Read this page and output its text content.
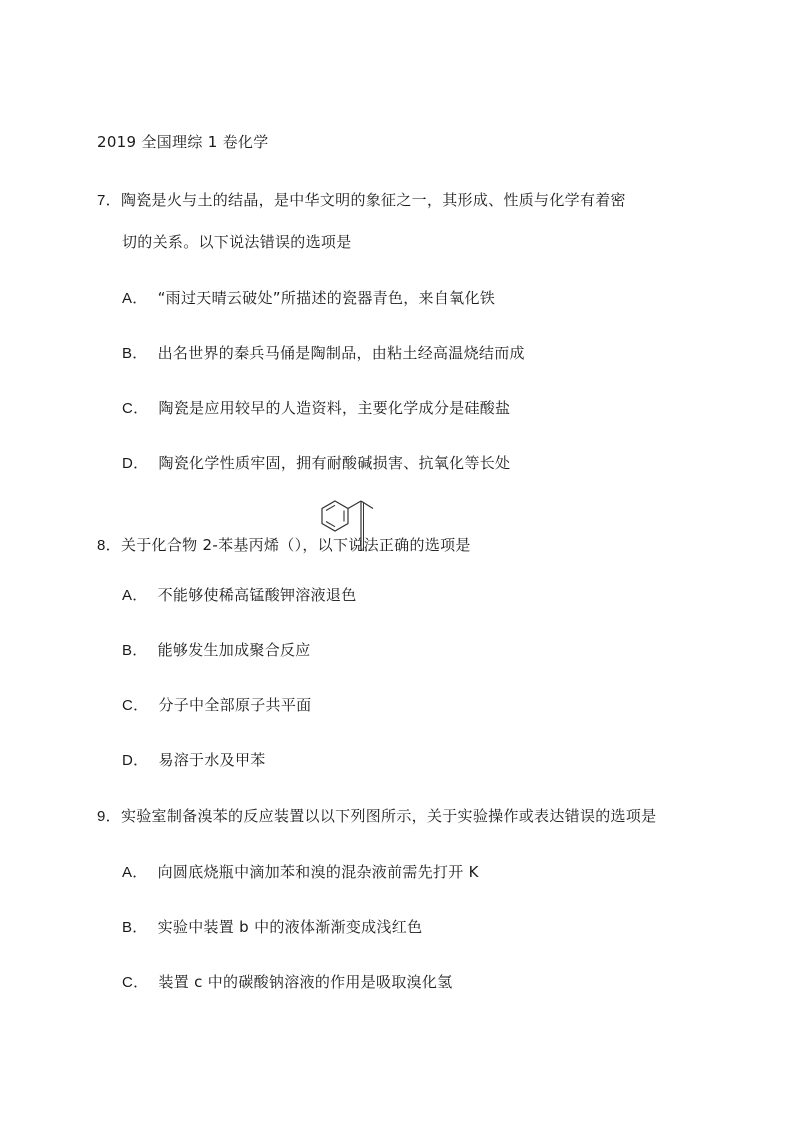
2019 全国理综 1 卷化学
7．陶瓷是火与土的结晶，是中华文明的象征之一，其形成、性质与化学有着密
切的关系。以下说法错误的选项是
A． “雨过天晴云破处”所描述的瓷器青色，来自氧化铁
B． 出名世界的秦兵马俑是陶制品，由粘土经高温烧结而成
C． 陶瓷是应用较早的人造资料，主要化学成分是硅酸盐
D． 陶瓷化学性质牢固，拥有耐酸碱损害、抗氧化等长处
8．关于化合物 2-苯基丙烯（），以下说法正确的选项是
A． 不能够使稀高锰酸钾溶液退色
B． 能够发生加成聚合反应
C． 分子中全部原子共平面
D． 易溶于水及甲苯
9．实验室制备溴苯的反应装置以以下列图所示，关于实验操作或表达错误的选项是
A． 向圆底烧瓶中滴加苯和溴的混杂液前需先打开 K
B． 实验中装置 b 中的液体渐渐变成浅红色
C． 装置 c 中的碳酸钠溶液的作用是吸取溴化氢
